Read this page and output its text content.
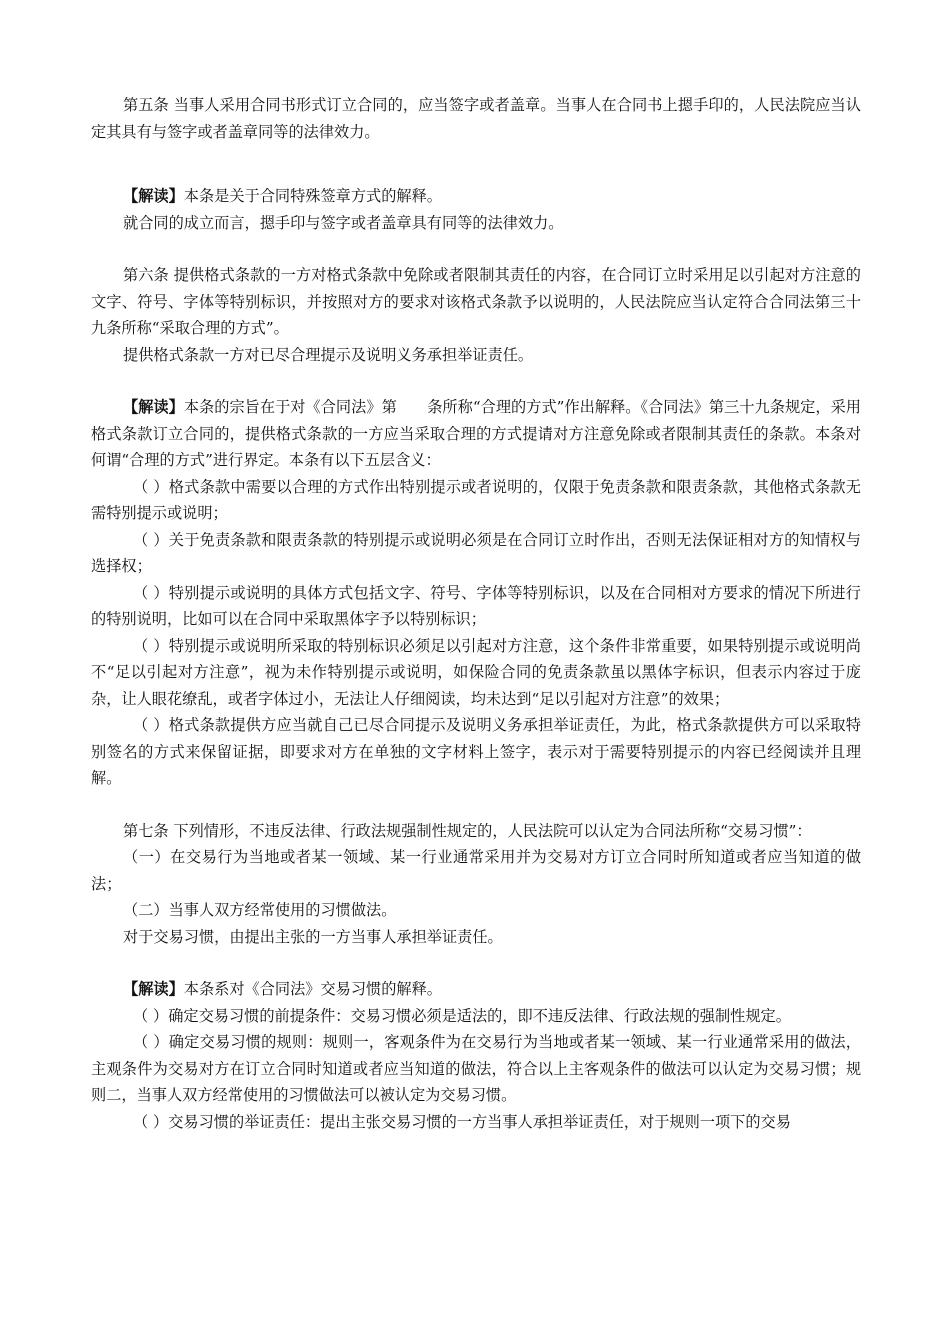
第五条 当事人采用合同书形式订立合同的，应当签字或者盖章。当事人在合同书上摁手印的，人民法院应当认定其具有与签字或者盖章同等的法律效力。

【解读】本条是关于合同特殊签章方式的解释。

就合同的成立而言，摁手印与签字或者盖章具有同等的法律效力。

第六条 提供格式条款的一方对格式条款中免除或者限制其责任的内容，在合同订立时采用足以引起对方注意的文字、符号、字体等特别标识，并按照对方的要求对该格式条款予以说明的，人民法院应当认定符合合同法第三十九条所称“采取合理的方式”。

提供格式条款一方对已尽合理提示及说明义务承担举证责任。

【解读】本条的宗旨在于对《合同法》第　　条所称“合理的方式”作出解释。《合同法》第三十九条规定，采用格式条款订立合同的，提供格式条款的一方应当采取合理的方式提请对方注意免除或者限制其责任的条款。本条对何谓“合理的方式”进行界定。本条有以下五层含义：

（ ）格式条款中需要以合理的方式作出特别提示或者说明的，仅限于免责条款和限责条款，其他格式条款无需特别提示或说明；

（ ）关于免责条款和限责条款的特别提示或说明必须是在合同订立时作出，否则无法保证相对方的知情权与选择权；

（ ）特别提示或说明的具体方式包括文字、符号、字体等特别标识，以及在合同相对方要求的情况下所进行的特别说明，比如可以在合同中采取黑体字予以特别标识；

（ ）特别提示或说明所采取的特别标识必须足以引起对方注意，这个条件非常重要，如果特别提示或说明尚不“足以引起对方注意”，视为未作特别提示或说明，如保险合同的免责条款虽以黑体字标识，但表示内容过于庞杂，让人眼花缭乱，或者字体过小，无法让人仔细阅读，均未达到“足以引起对方注意”的效果；

（ ）格式条款提供方应当就自己已尽合同提示及说明义务承担举证责任，为此，格式条款提供方可以采取特别签名的方式来保留证据，即要求对方在单独的文字材料上签字，表示对于需要特别提示的内容已经阅读并且理解。

第七条 下列情形，不违反法律、行政法规强制性规定的，人民法院可以认定为合同法所称“交易习惯”：

（一）在交易行为当地或者某一领域、某一行业通常采用并为交易对方订立合同时所知道或者应当知道的做法；

（二）当事人双方经常使用的习惯做法。

对于交易习惯，由提出主张的一方当事人承担举证责任。

【解读】本条系对《合同法》交易习惯的解释。

（ ）确定交易习惯的前提条件：交易习惯必须是适法的，即不违反法律、行政法规的强制性规定。

（ ）确定交易习惯的规则：规则一，客观条件为在交易行为当地或者某一领域、某一行业通常采用的做法，主观条件为交易对方在订立合同时知道或者应当知道的做法，符合以上主客观条件的做法可以认定为交易习惯；规则二，当事人双方经常使用的习惯做法可以被认定为交易习惯。

（ ）交易习惯的举证责任：提出主张交易习惯的一方当事人承担举证责任，对于规则一项下的交易
